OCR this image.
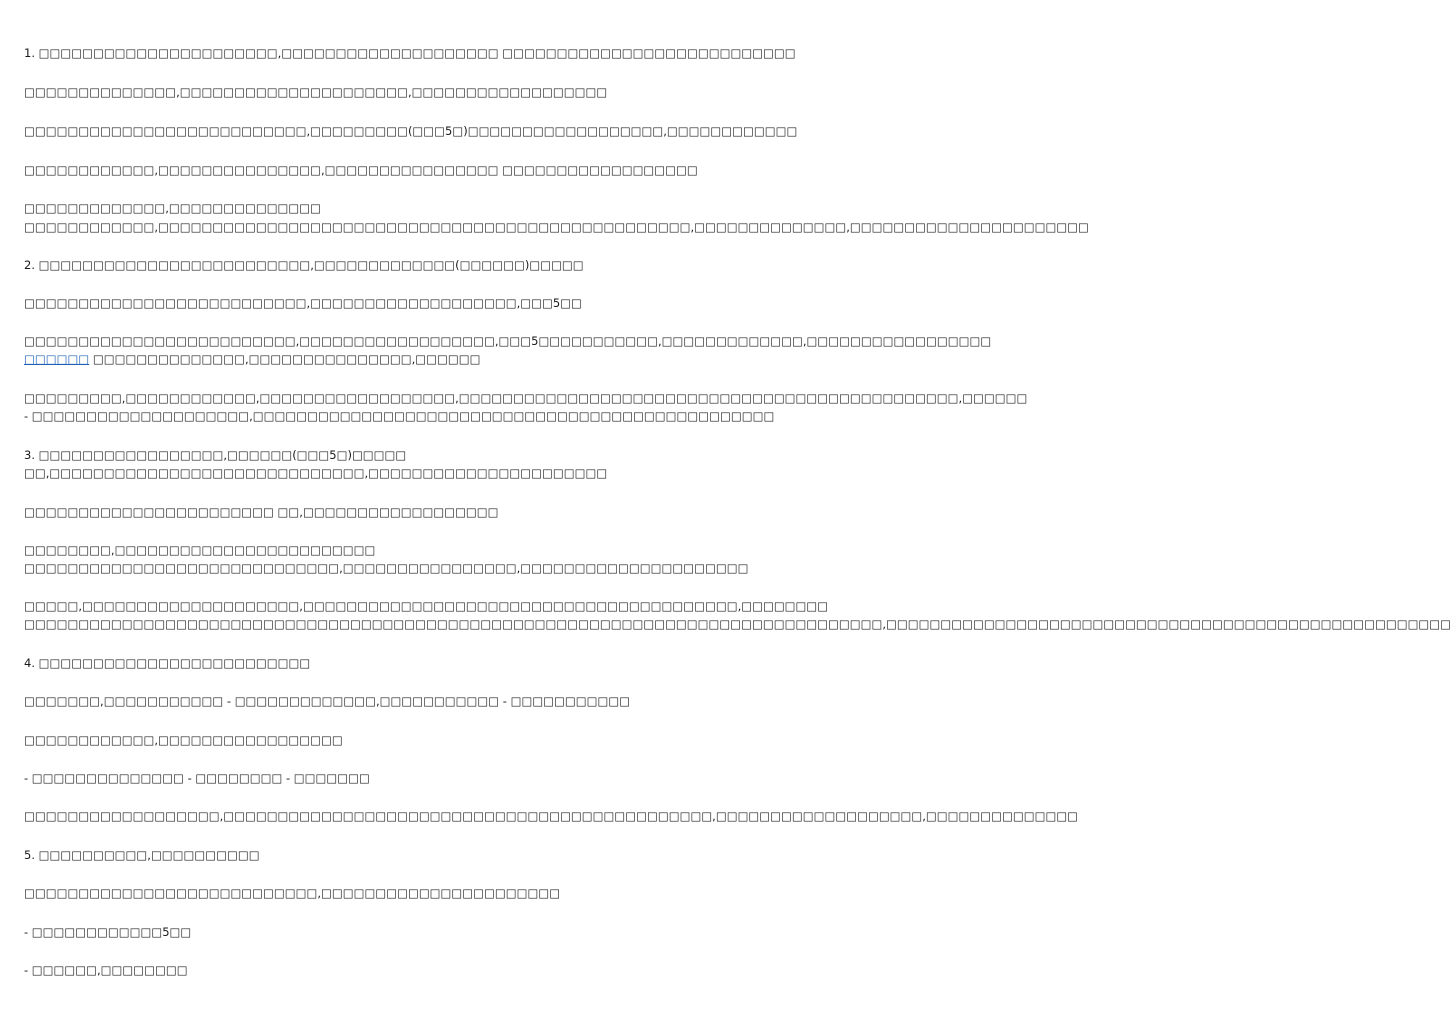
1. □□□□□□□□□□□□□□□□□□□□□□,□□□□□□□□□□□□□□□□□□□□ □□□□□□□□□□□□□□□□□□□□□□□□□□□
□□□□□□□□□□□□□□,□□□□□□□□□□□□□□□□□□□□□,□□□□□□□□□□□□□□□□□□
□□□□□□□□□□□□□□□□□□□□□□□□□□,□□□□□□□□□(□□□5□)□□□□□□□□□□□□□□□□□□,□□□□□□□□□□□□
□□□□□□□□□□□□,□□□□□□□□□□□□□□□,□□□□□□□□□□□□□□□□ □□□□□□□□□□□□□□□□□□
□□□□□□□□□□□□□,□□□□□□□□□□□□□□
□□□□□□□□□□□□,□□□□□□□□□□□□□□□□□□□□□□□□□□□□□□□□□□□□□□□□□□□□□□□□□,□□□□□□□□□□□□□□,□□□□□□□□□□□□□□□□□□□□□□
2. □□□□□□□□□□□□□□□□□□□□□□□□□,□□□□□□□□□□□□□(□□□□□□)□□□□□
□□□□□□□□□□□□□□□□□□□□□□□□□□,□□□□□□□□□□□□□□□□□□□,□□□5□□
□□□□□□□□□□□□□□□□□□□□□□□□□,□□□□□□□□□□□□□□□□□□,□□□5□□□□□□□□□□□,□□□□□□□□□□□□□,□□□□□□□□□□□□□□□□□
□□□□□□ □□□□□□□□□□□□□□,□□□□□□□□□□□□□□□,□□□□□□
□□□□□□□□□,□□□□□□□□□□□□,□□□□□□□□□□□□□□□□□□,□□□□□□□□□□□□□□□□□□□□□□□□□□□□□□□□□□□□□□□□□□□□□□,□□□□□□
- □□□□□□□□□□□□□□□□□□□□,□□□□□□□□□□□□□□□□□□□□□□□□□□□□□□□□□□□□□□□□□□□□□□□□
3. □□□□□□□□□□□□□□□□□,□□□□□□(□□□5□)□□□□□
□□,□□□□□□□□□□□□□□□□□□□□□□□□□□□□□,□□□□□□□□□□□□□□□□□□□□□□
□□□□□□□□□□□□□□□□□□□□□□□ □□,□□□□□□□□□□□□□□□□□□
□□□□□□□□,□□□□□□□□□□□□□□□□□□□□□□□□
□□□□□□□□□□□□□□□□□□□□□□□□□□□□□,□□□□□□□□□□□□□□□□,□□□□□□□□□□□□□□□□□□□□□
□□□□□,□□□□□□□□□□□□□□□□□□□□,□□□□□□□□□□□□□□□□□□□□□□□□□□□□□□□□□□□□□□□□,□□□□□□□□
□□□□□□□□□□□□□□□□□□□□□□□□□□□□□□□□□□□□□□□□□□□□□□□□□□□□□□□□□□□□□□□□□□□□□□□□□□□□□□□,□□□□□□□□□□□□□□□□□□□□□□□□□□□□□□□□□□□□□□□□□□□□□□□□□□□□
4. □□□□□□□□□□□□□□□□□□□□□□□□□
□□□□□□□,□□□□□□□□□□□ - □□□□□□□□□□□□□,□□□□□□□□□□□ - □□□□□□□□□□□
□□□□□□□□□□□□,□□□□□□□□□□□□□□□□□
- □□□□□□□□□□□□□□ - □□□□□□□□ - □□□□□□□
□□□□□□□□□□□□□□□□□□,□□□□□□□□□□□□□□□□□□□□□□□□□□□□□□□□□□□□□□□□□□□□□,□□□□□□□□□□□□□□□□□□□,□□□□□□□□□□□□□□
5. □□□□□□□□□□,□□□□□□□□□□
□□□□□□□□□□□□□□□□□□□□□□□□□□□,□□□□□□□□□□□□□□□□□□□□□□
- □□□□□□□□□□□□5□□
- □□□□□□,□□□□□□□□
